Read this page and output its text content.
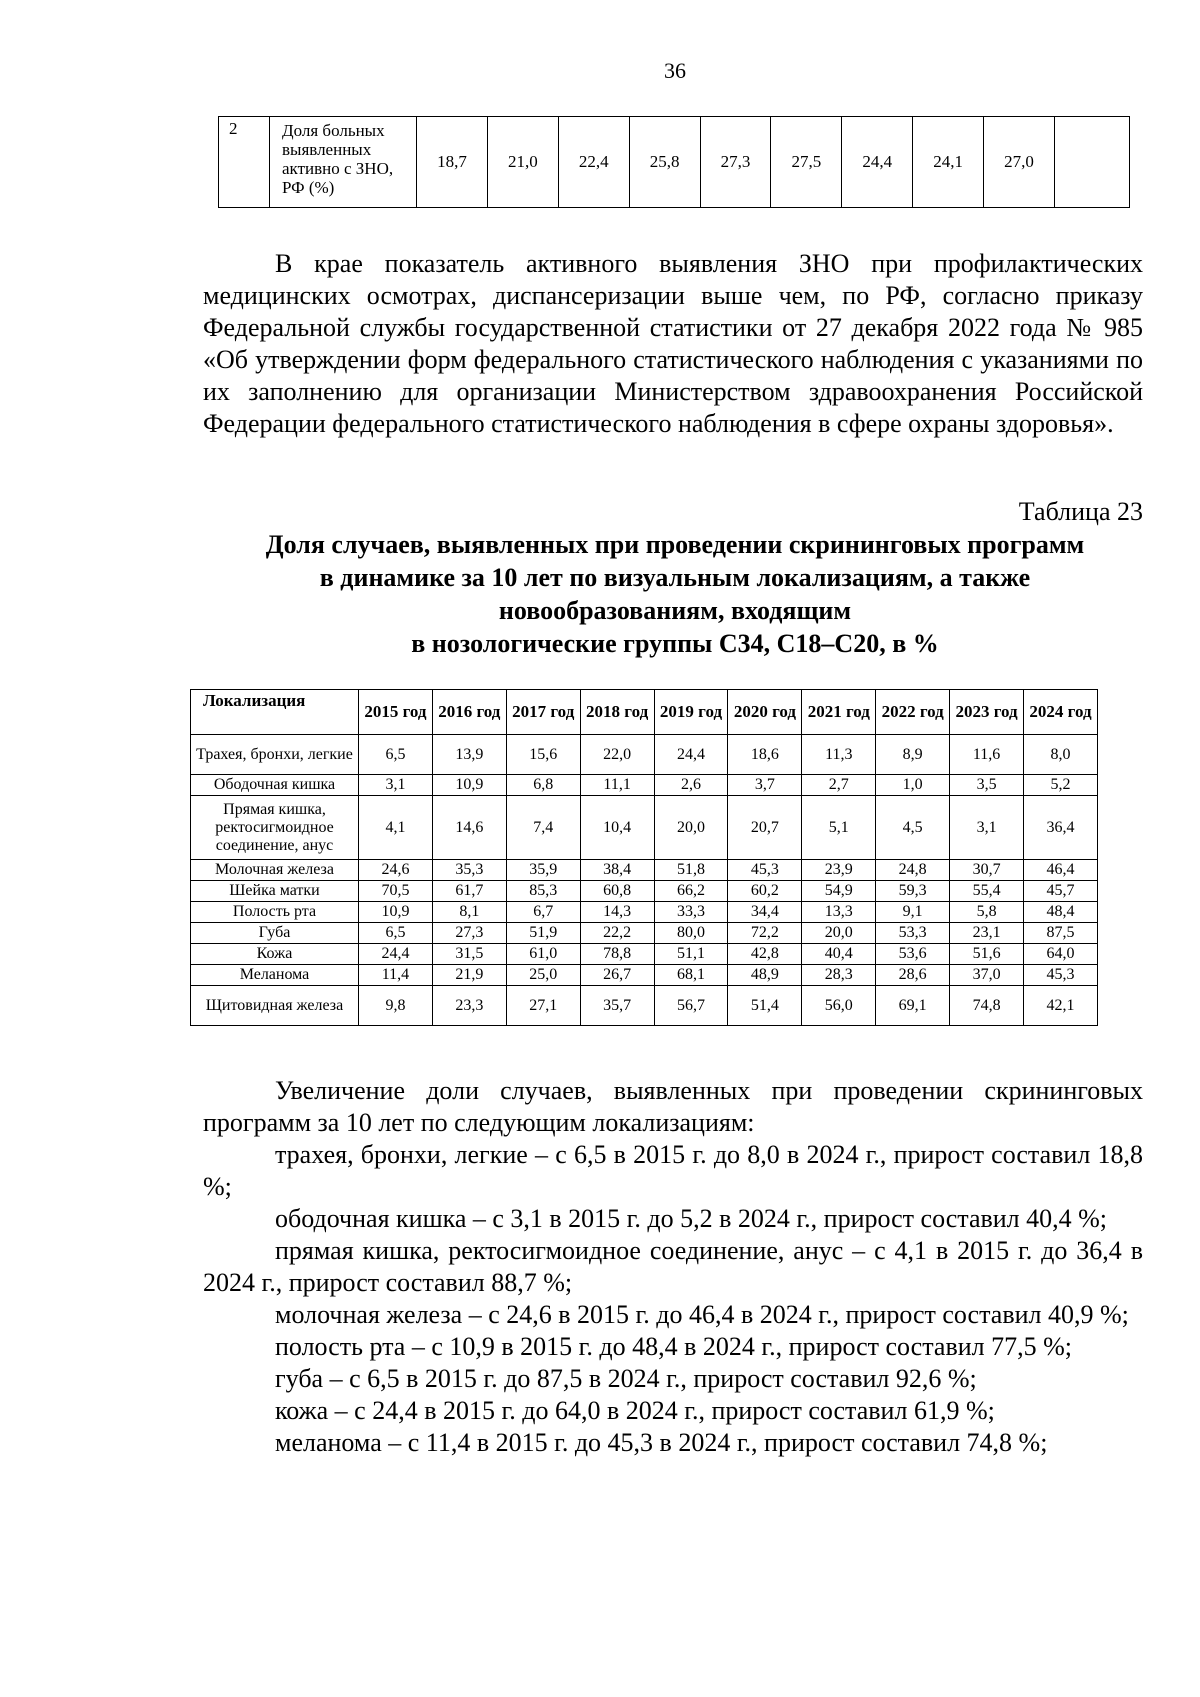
36
2	Доля больных выявленных активно с ЗНО, РФ (%)	18,7	21,0	22,4	25,8	27,3	27,5	24,4	24,1	27,0	

В крае показатель активного выявления ЗНО при профилактических медицинских осмотрах, диспансеризации выше чем, по РФ, согласно приказу Федеральной службы государственной статистики от 27 декабря 2022 года № 985 «Об утверждении форм федерального статистического наблюдения с указаниями по их заполнению для организации Министерством здравоохранения Российской Федерации федерального статистического наблюдения в сфере охраны здоровья».

Таблица 23
Доля случаев, выявленных при проведении скрининговых программ
в динамике за 10 лет по визуальным локализациям, а также
новообразованиям, входящим
в нозологические группы С34, С18–С20, в %
Локализация	2015 год	2016 год	2017 год	2018 год	2019 год	2020 год	2021 год	2022 год	2023 год	2024 год
Трахея, бронхи, легкие	6,5	13,9	15,6	22,0	24,4	18,6	11,3	8,9	11,6	8,0
Ободочная кишка	3,1	10,9	6,8	11,1	2,6	3,7	2,7	1,0	3,5	5,2
Прямая кишка, ректосигмоидное соединение, анус	4,1	14,6	7,4	10,4	20,0	20,7	5,1	4,5	3,1	36,4
Молочная железа	24,6	35,3	35,9	38,4	51,8	45,3	23,9	24,8	30,7	46,4
Шейка матки	70,5	61,7	85,3	60,8	66,2	60,2	54,9	59,3	55,4	45,7
Полость рта	10,9	8,1	6,7	14,3	33,3	34,4	13,3	9,1	5,8	48,4
Губа	6,5	27,3	51,9	22,2	80,0	72,2	20,0	53,3	23,1	87,5
Кожа	24,4	31,5	61,0	78,8	51,1	42,8	40,4	53,6	51,6	64,0
Меланома	11,4	21,9	25,0	26,7	68,1	48,9	28,3	28,6	37,0	45,3
Щитовидная железа	9,8	23,3	27,1	35,7	56,7	51,4	56,0	69,1	74,8	42,1

Увеличение доли случаев, выявленных при проведении скрининговых программ за 10 лет по следующим локализациям:

трахея, бронхи, легкие – с 6,5 в 2015 г. до 8,0 в 2024 г., прирост составил 18,8 %;

ободочная кишка – с 3,1 в 2015 г. до 5,2 в 2024 г., прирост составил 40,4 %;

прямая кишка, ректосигмоидное соединение, анус – с 4,1 в 2015 г. до 36,4 в 2024 г., прирост составил 88,7 %;

молочная железа – с 24,6 в 2015 г. до 46,4 в 2024 г., прирост составил 40,9 %;

полость рта – с 10,9 в 2015 г. до 48,4 в 2024 г., прирост составил 77,5 %;

губа – с 6,5 в 2015 г. до 87,5 в 2024 г., прирост составил 92,6 %;

кожа – с 24,4 в 2015 г. до 64,0 в 2024 г., прирост составил 61,9 %;

меланома – с 11,4 в 2015 г. до 45,3 в 2024 г., прирост составил 74,8 %;
